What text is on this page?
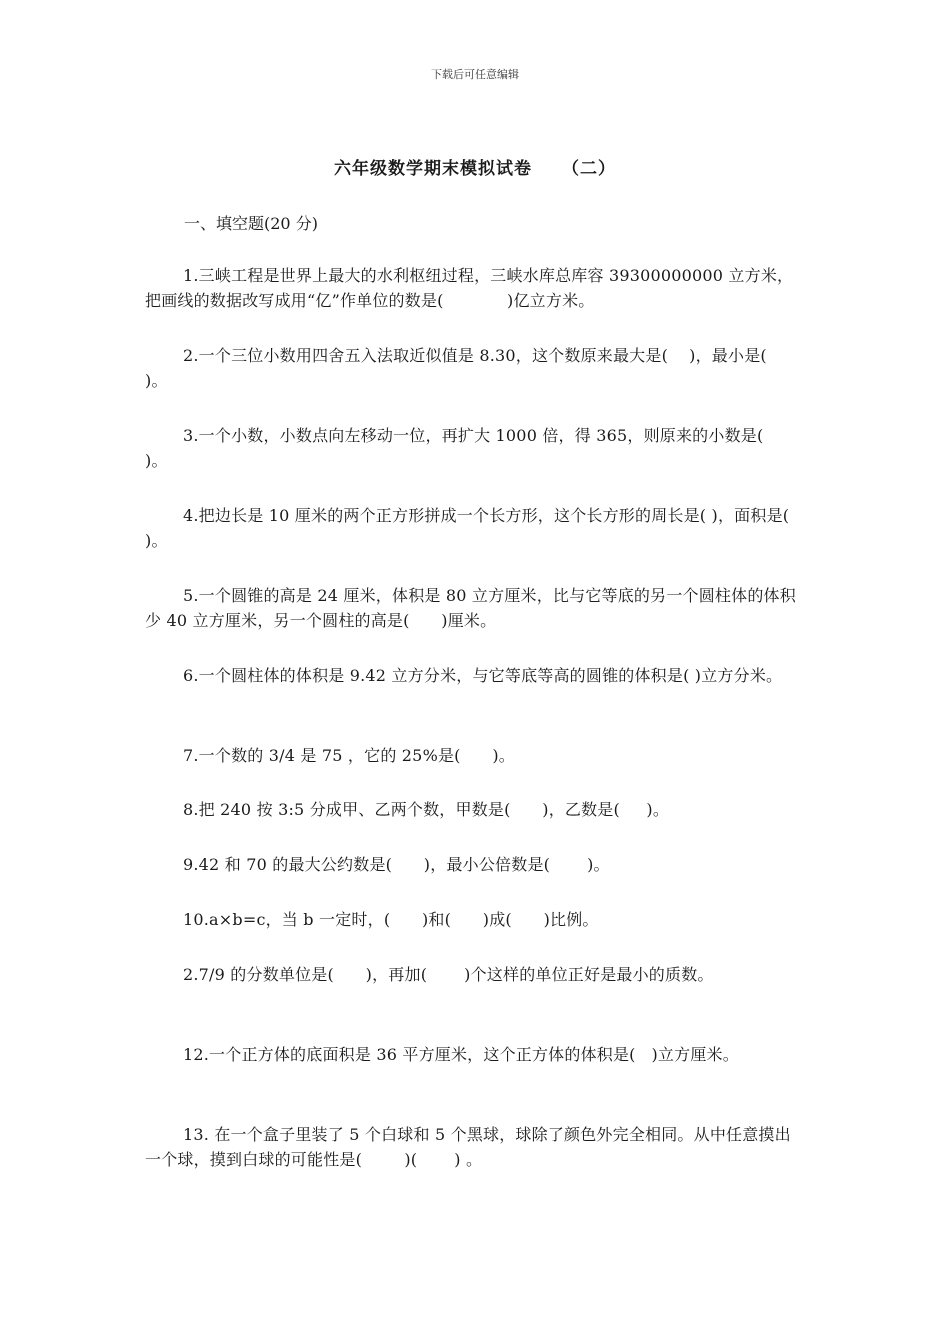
下载后可任意编辑
六年级数学期末模拟试卷 （二）
一、填空题(20 分)
1.三峡工程是世界上最大的水利枢纽过程，三峡水库总库容 39300000000 立方米，把画线的数据改写成用“亿”作单位的数是(            )亿立方米。
2.一个三位小数用四舍五入法取近似值是 8.30，这个数原来最大是(    )，最小是(     )。
3.一个小数，小数点向左移动一位，再扩大 1000 倍，得 365，则原来的小数是(      )。
4.把边长是 10 厘米的两个正方形拼成一个长方形，这个长方形的周长是( )，面积是(      )。
5.一个圆锥的高是 24 厘米，体积是 80 立方厘米，比与它等底的另一个圆柱体的体积少 40 立方厘米，另一个圆柱的高是(      )厘米。
6.一个圆柱体的体积是 9.42 立方分米，与它等底等高的圆锥的体积是( )立方分米。
7.一个数的 3/4 是 75 ，它的 25%是(      )。
8.把 240 按 3:5 分成甲、乙两个数，甲数是(      )，乙数是(     )。
9.42 和 70 的最大公约数是(      )，最小公倍数是(       )。
10.a×b=c，当 b 一定时，(      )和(      )成(      )比例。
2.7/9 的分数单位是(      )，再加(       )个这样的单位正好是最小的质数。
12.一个正方体的底面积是 36 平方厘米，这个正方体的体积是(   )立方厘米。
13. 在一个盒子里装了 5 个白球和 5 个黑球，球除了颜色外完全相同。从中任意摸出一个球，摸到白球的可能性是(        )(       ) 。
